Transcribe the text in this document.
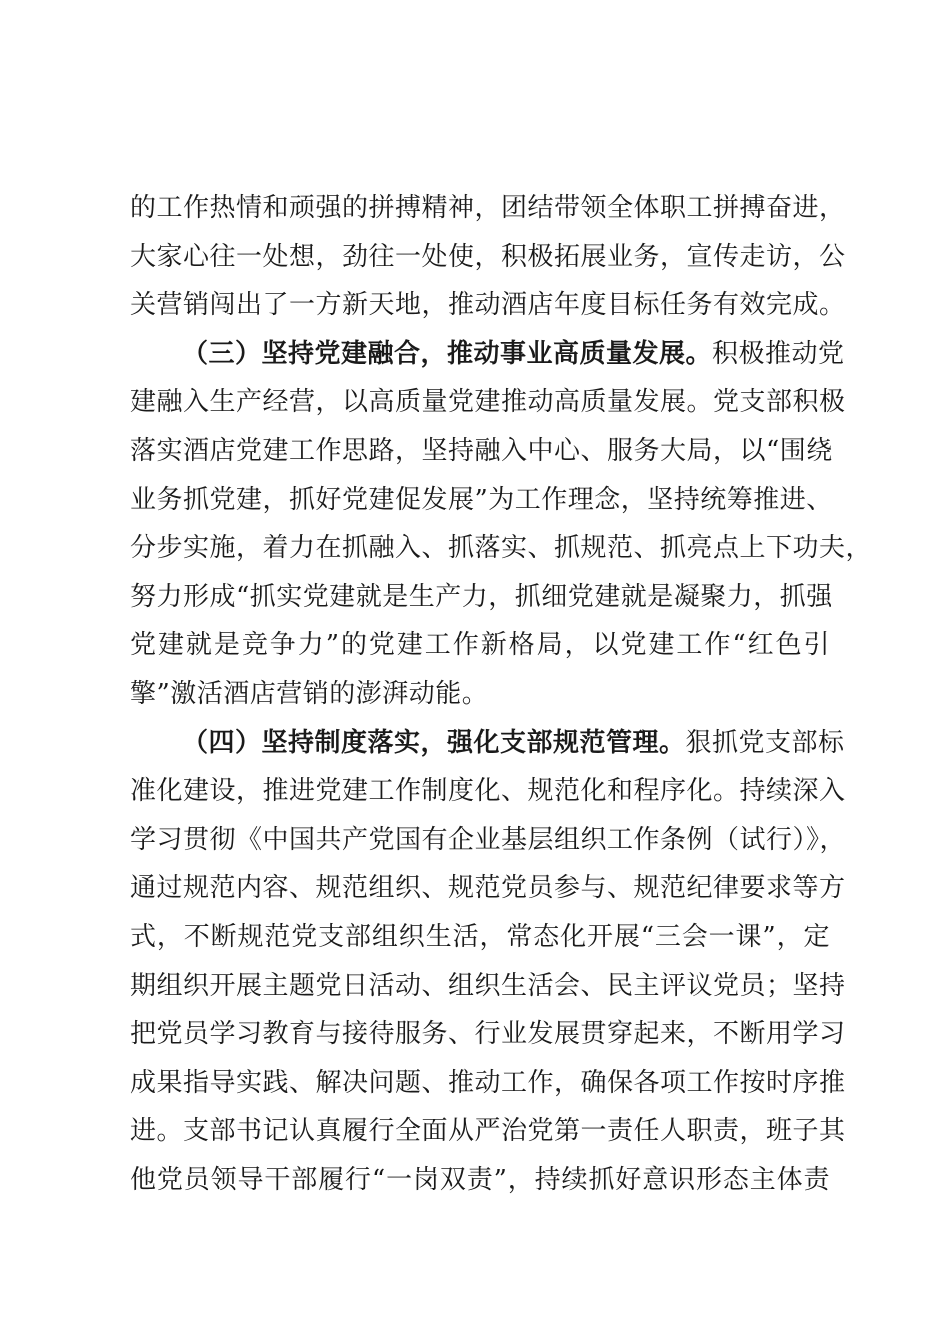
的工作热情和顽强的拼搏精神，团结带领全体职工拼搏奋进，
大家心往一处想，劲往一处使，积极拓展业务，宣传走访，公
关营销闯出了一方新天地，推动酒店年度目标任务有效完成。
（三）坚持党建融合，推动事业高质量发展。积极推动党
建融入生产经营，以高质量党建推动高质量发展。党支部积极
落实酒店党建工作思路，坚持融入中心、服务大局，以“围绕
业务抓党建，抓好党建促发展”为工作理念，坚持统筹推进、
分步实施，着力在抓融入、抓落实、抓规范、抓亮点上下功夫，
努力形成“抓实党建就是生产力，抓细党建就是凝聚力，抓强
党建就是竞争力”的党建工作新格局，以党建工作“红色引
擎”激活酒店营销的澎湃动能。
（四）坚持制度落实，强化支部规范管理。狠抓党支部标
准化建设，推进党建工作制度化、规范化和程序化。持续深入
学习贯彻《中国共产党国有企业基层组织工作条例（试行）》，
通过规范内容、规范组织、规范党员参与、规范纪律要求等方
式，不断规范党支部组织生活，常态化开展“三会一课”，定
期组织开展主题党日活动、组织生活会、民主评议党员；坚持
把党员学习教育与接待服务、行业发展贯穿起来，不断用学习
成果指导实践、解决问题、推动工作，确保各项工作按时序推
进。支部书记认真履行全面从严治党第一责任人职责，班子其
他党员领导干部履行“一岗双责”，持续抓好意识形态主体责
